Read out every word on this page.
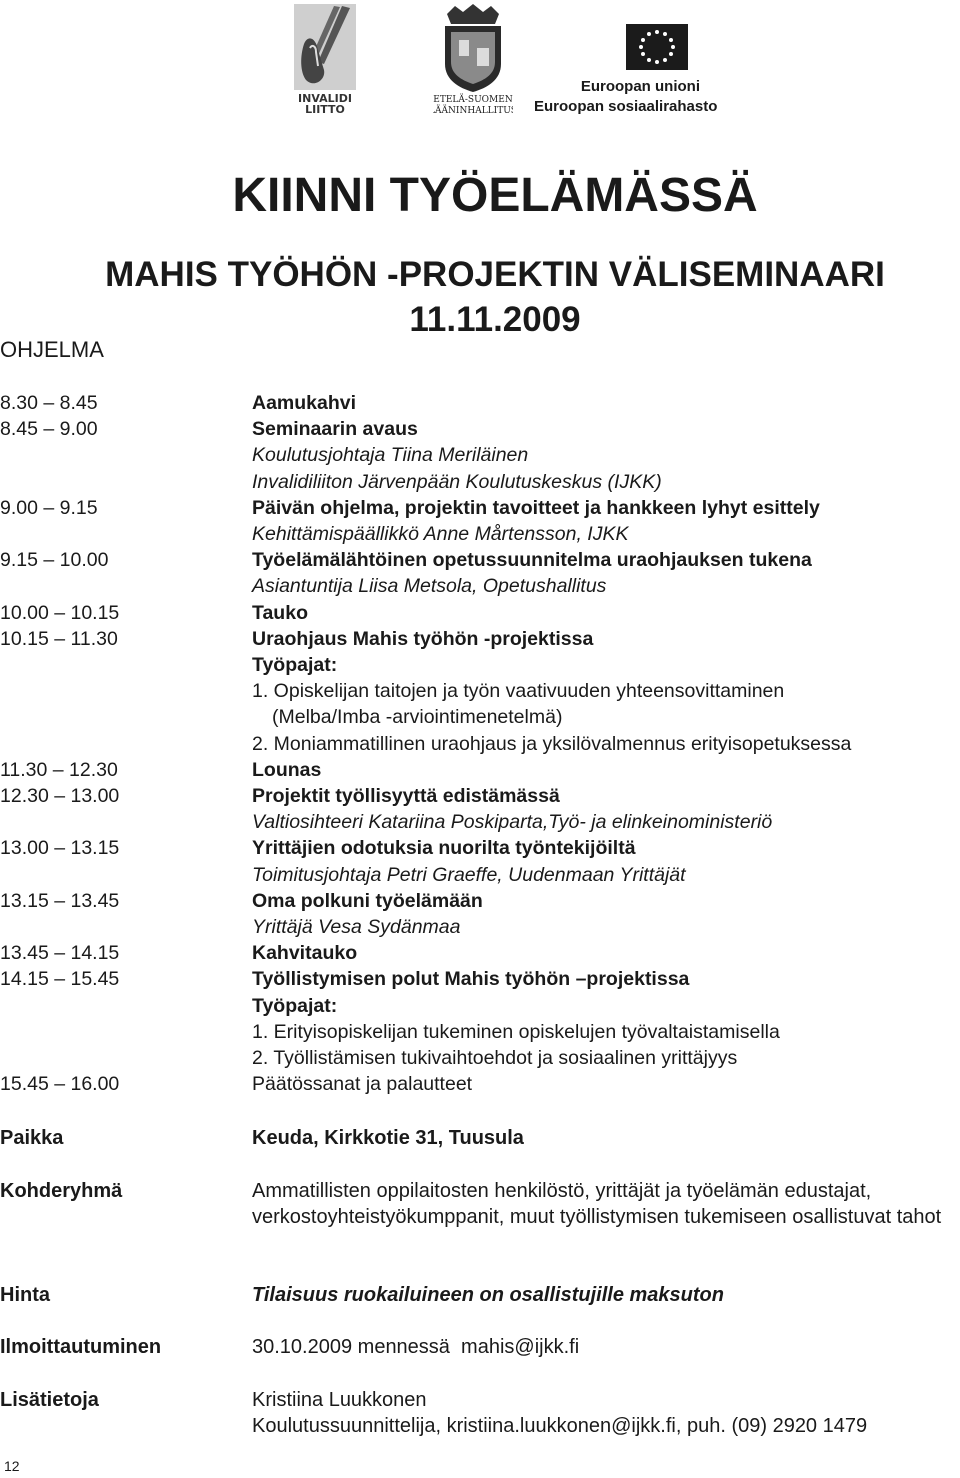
INVALIDI
LIITTO
ETELÄ-SUOMEN
LÄÄNINHALLITUS
Euroopan unioni
Euroopan sosiaalirahasto
KIINNI TYÖELÄMÄSSÄ
MAHIS TYÖHÖN -PROJEKTIN VÄLISEMINAARI
11.11.2009
OHJELMA
8.30 – 8.45	Aamukahvi
8.45 – 9.00	Seminaarin avaus
Koulutusjohtaja Tiina Meriläinen
Invalidiliiton Järvenpään Koulutuskeskus (IJKK)
9.00 – 9.15	Päivän ohjelma, projektin tavoitteet ja hankkeen lyhyt esittely
Kehittämispäällikkö Anne Mårtensson, IJKK
9.15 – 10.00	Työelämälähtöinen opetussuunnitelma uraohjauksen tukena
Asiantuntija Liisa Metsola, Opetushallitus
10.00 – 10.15	Tauko
10.15 – 11.30	Uraohjaus Mahis työhön -projektissa
Työpajat:
1. Opiskelijan taitojen ja työn vaativuuden yhteensovittaminen
(Melba/Imba -arviointimenetelmä)
2. Moniammatillinen uraohjaus ja yksilövalmennus erityisopetuksessa
11.30 – 12.30	Lounas
12.30 – 13.00	Projektit työllisyyttä edistämässä
Valtiosihteeri Katariina Poskiparta,Työ- ja elinkeinoministeriö
13.00 – 13.15	Yrittäjien odotuksia nuorilta työntekijöiltä
Toimitusjohtaja Petri Graeffe, Uudenmaan Yrittäjät
13.15 – 13.45	Oma polkuni työelämään
Yrittäjä Vesa Sydänmaa
13.45 – 14.15	Kahvitauko
14.15 – 15.45	Työllistymisen polut Mahis työhön –projektissa
Työpajat:
1. Erityisopiskelijan tukeminen opiskelujen työvaltaistamisella
2. Työllistämisen tukivaihtoehdot ja sosiaalinen yrittäjyys
15.45 – 16.00	Päätössanat ja palautteet
Paikka	Keuda, Kirkkotie 31, Tuusula
Kohderyhmä	Ammatillisten oppilaitosten henkilöstö, yrittäjät ja työelämän edustajat, verkostoyhteistyökumppanit, muut työllistymisen tukemiseen osallistuvat tahot
Hinta	Tilaisuus ruokailuineen on osallistujille maksuton
Ilmoittautuminen	30.10.2009 mennessä  mahis@ijkk.fi
Lisätietoja	Kristiina Luukkonen
Koulutussuunnittelija, kristiina.luukkonen@ijkk.fi, puh. (09) 2920 1479
12
